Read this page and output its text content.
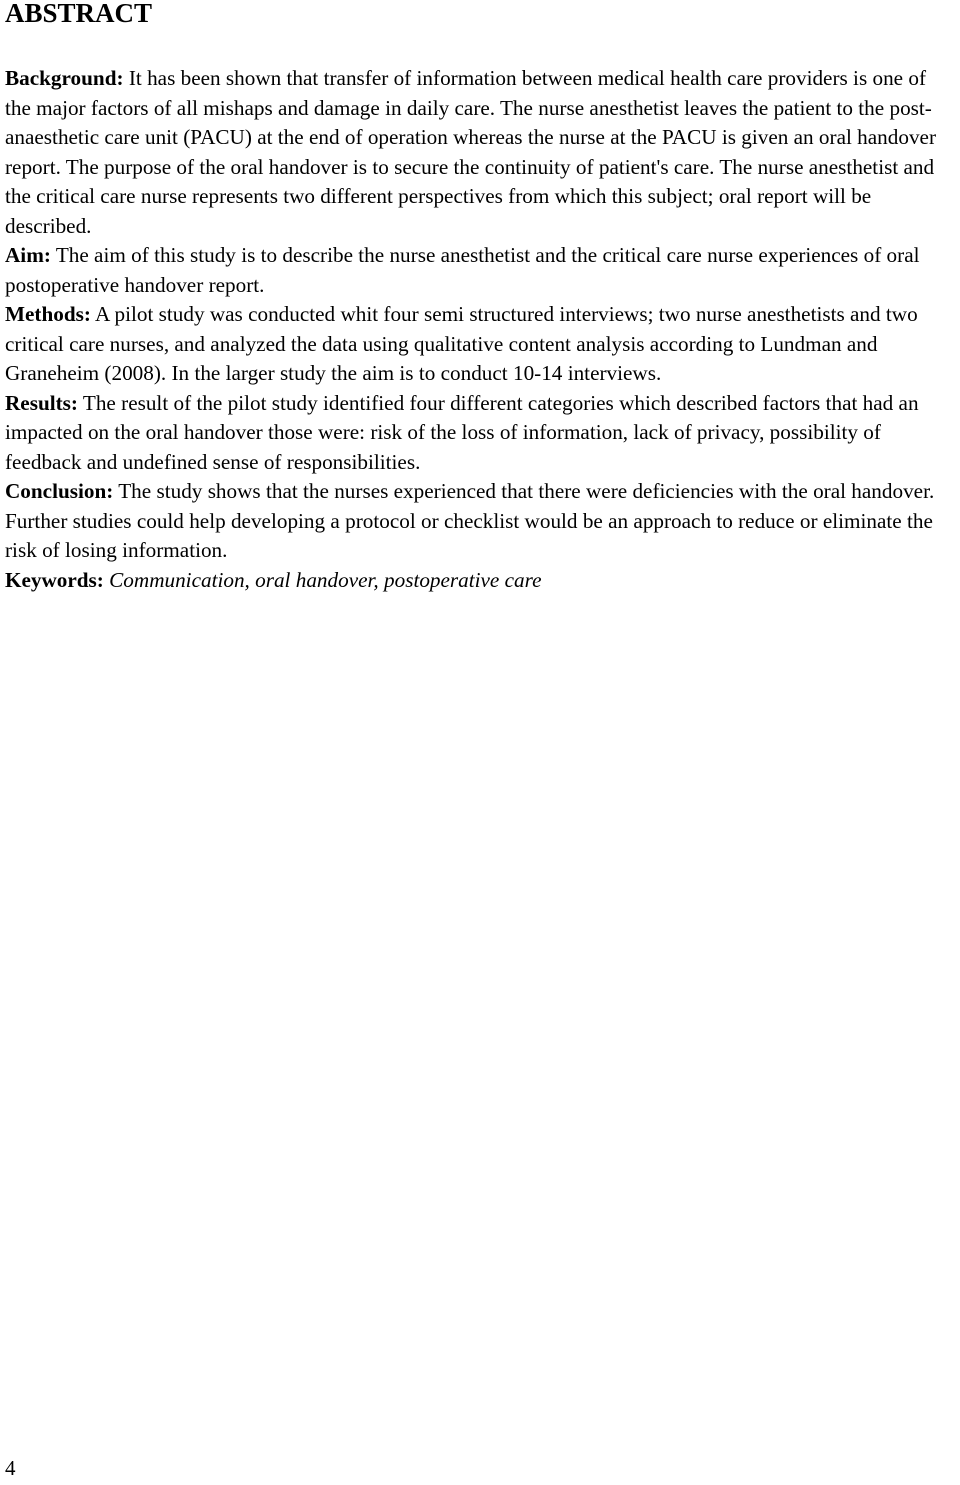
ABSTRACT

Background: It has been shown that transfer of information between medical health care providers is one of the major factors of all mishaps and damage in daily care. The nurse anesthetist leaves the patient to the post-anaesthetic care unit (PACU) at the end of operation whereas the nurse at the PACU is given an oral handover report. The purpose of the oral handover is to secure the continuity of patient's care. The nurse anesthetist and the critical care nurse represents two different perspectives from which this subject; oral report will be described.

Aim: The aim of this study is to describe the nurse anesthetist and the critical care nurse experiences of oral postoperative handover report.

Methods: A pilot study was conducted whit four semi structured interviews; two nurse anesthetists and two critical care nurses, and analyzed the data using qualitative content analysis according to Lundman and Graneheim (2008). In the larger study the aim is to conduct 10-14 interviews.

Results: The result of the pilot study identified four different categories which described factors that had an impacted on the oral handover those were: risk of the loss of information, lack of privacy, possibility of feedback and undefined sense of responsibilities.

Conclusion: The study shows that the nurses experienced that there were deficiencies with the oral handover. Further studies could help developing a protocol or checklist would be an approach to reduce or eliminate the risk of losing information.

Keywords: Communication, oral handover, postoperative care

4
